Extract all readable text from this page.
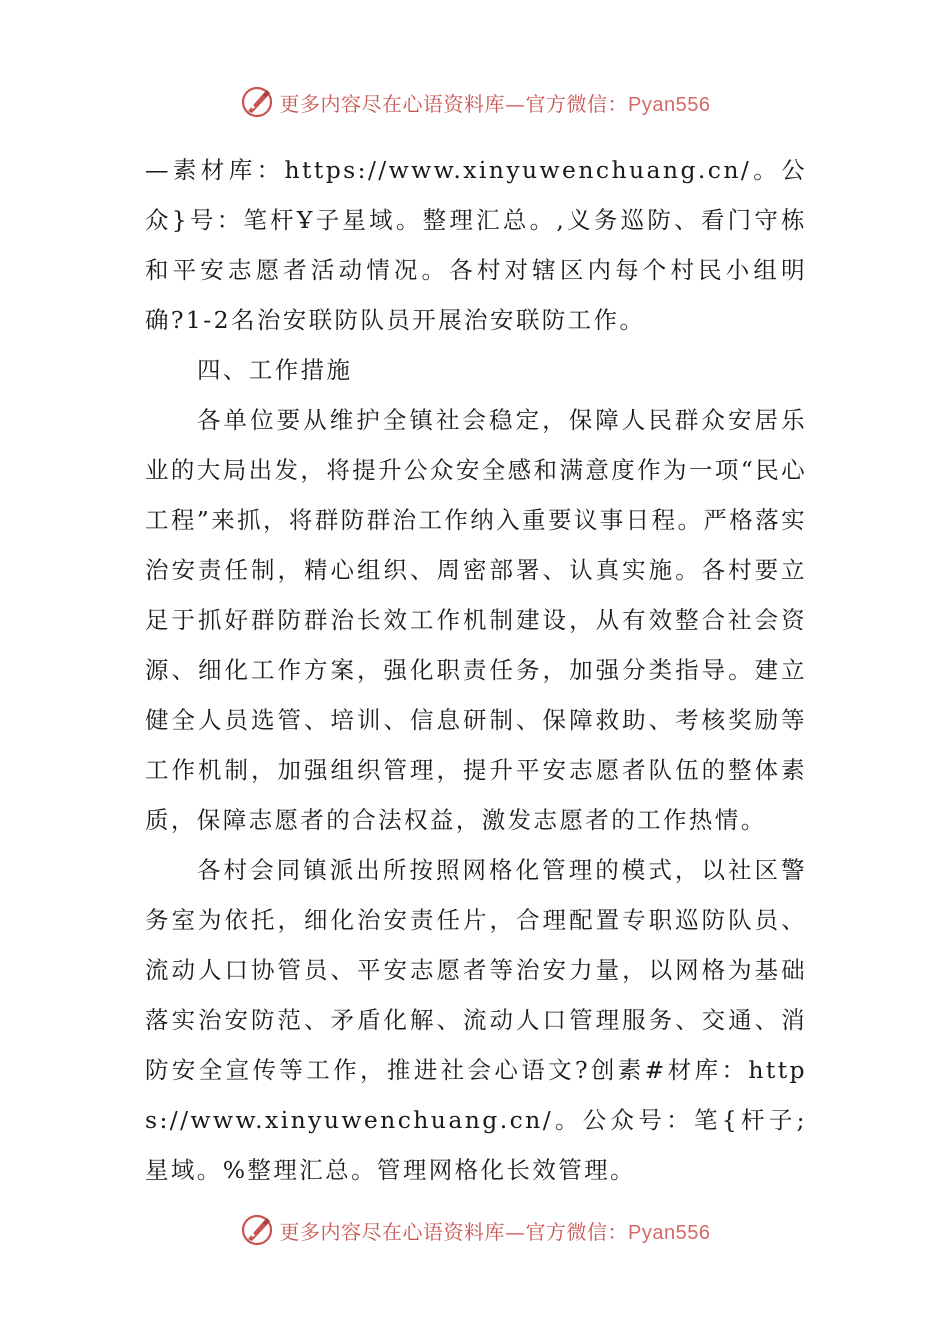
更多内容尽在心语资料库—官方微信：Pyan556

—素材库：https://www.xinyuwenchuang.cn/。公众}号：笔杆Ұ子星域。整理汇总。,义务巡防、看门守栋和平安志愿者活动情况。各村对辖区内每个村民小组明确?1-2名治安联防队员开展治安联防工作。

四、工作措施

各单位要从维护全镇社会稳定，保障人民群众安居乐业的大局出发，将提升公众安全感和满意度作为一项“民心工程”来抓，将群防群治工作纳入重要议事日程。严格落实治安责任制，精心组织、周密部署、认真实施。各村要立足于抓好群防群治长效工作机制建设，从有效整合社会资源、细化工作方案，强化职责任务，加强分类指导。建立健全人员选管、培训、信息研制、保障救助、考核奖励等工作机制，加强组织管理，提升平安志愿者队伍的整体素质，保障志愿者的合法权益，激发志愿者的工作热情。

各村会同镇派出所按照网格化管理的模式，以社区警务室为依托，细化治安责任片，合理配置专职巡防队员、流动人口协管员、平安志愿者等治安力量，以网格为基础落实治安防范、矛盾化解、流动人口管理服务、交通、消防安全宣传等工作，推进社会心语文?创素#材库：https://www.xinyuwenchuang.cn/。公众号：笔{杆子;星域。%整理汇总。管理网格化长效管理。

更多内容尽在心语资料库—官方微信：Pyan556
